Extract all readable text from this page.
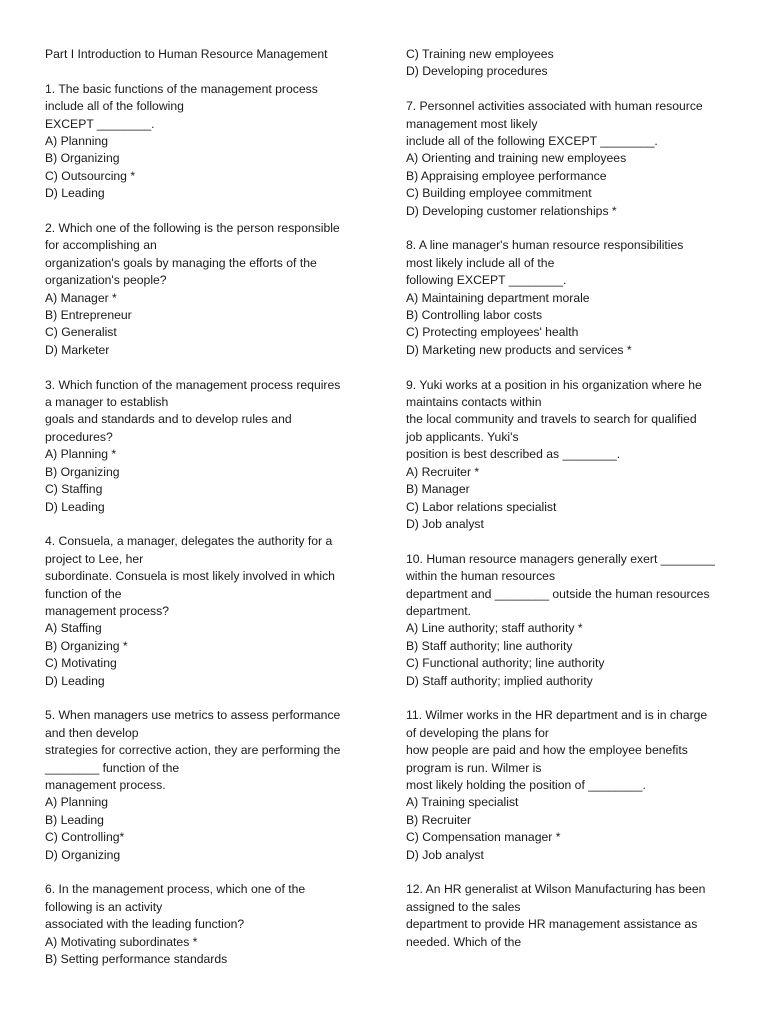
Part I Introduction to Human Resource Management
1. The basic functions of the management process
include all of the following
EXCEPT ________.
A) Planning
B) Organizing
C) Outsourcing *
D) Leading
2. Which one of the following is the person responsible
for accomplishing an
organization's goals by managing the efforts of the
organization's people?
A) Manager *
B) Entrepreneur
C) Generalist
D) Marketer
3. Which function of the management process requires
a manager to establish
goals and standards and to develop rules and
procedures?
A) Planning *
B) Organizing
C) Staffing
D) Leading
4. Consuela, a manager, delegates the authority for a
project to Lee, her
subordinate. Consuela is most likely involved in which
function of the
management process?
A) Staffing
B) Organizing *
C) Motivating
D) Leading
5. When managers use metrics to assess performance
and then develop
strategies for corrective action, they are performing the
________ function of the
management process.
A) Planning
B) Leading
C) Controlling*
D) Organizing
6. In the management process, which one of the
following is an activity
associated with the leading function?
A) Motivating subordinates *
B) Setting performance standards
C) Training new employees
D) Developing procedures
7. Personnel activities associated with human resource
management most likely
include all of the following EXCEPT ________.
A) Orienting and training new employees
B) Appraising employee performance
C) Building employee commitment
D) Developing customer relationships *
8. A line manager's human resource responsibilities
most likely include all of the
following EXCEPT ________.
A) Maintaining department morale
B) Controlling labor costs
C) Protecting employees' health
D) Marketing new products and services *
9. Yuki works at a position in his organization where he
maintains contacts within
the local community and travels to search for qualified
job applicants. Yuki's
position is best described as ________.
A) Recruiter *
B) Manager
C) Labor relations specialist
D) Job analyst
10. Human resource managers generally exert ________
within the human resources
department and ________ outside the human resources
department.
A) Line authority; staff authority *
B) Staff authority; line authority
C) Functional authority; line authority
D) Staff authority; implied authority
11. Wilmer works in the HR department and is in charge
of developing the plans for
how people are paid and how the employee benefits
program is run. Wilmer is
most likely holding the position of ________.
A) Training specialist
B) Recruiter
C) Compensation manager *
D) Job analyst
12. An HR generalist at Wilson Manufacturing has been
assigned to the sales
department to provide HR management assistance as
needed. Which of the
